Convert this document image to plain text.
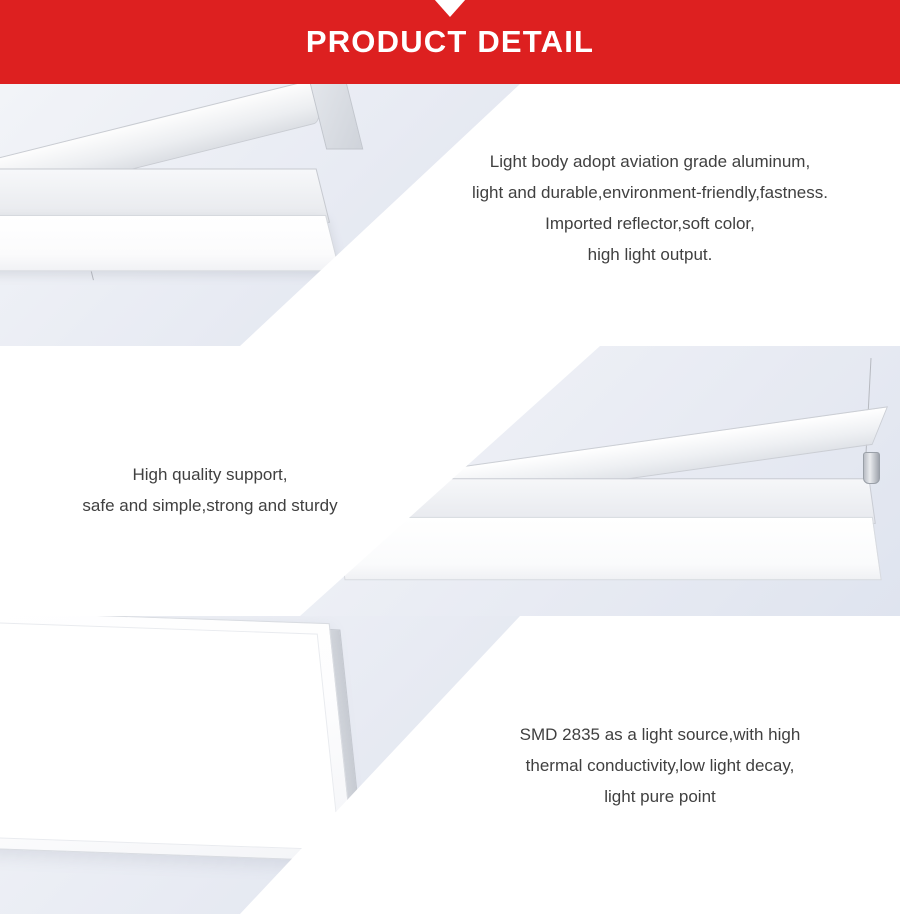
PRODUCT DETAIL
Light body adopt aviation grade aluminum,
light and durable,environment-friendly,fastness.
Imported reflector,soft color,
high light output.
High quality support,
safe and simple,strong and sturdy
SMD 2835 as a light source,with high
thermal conductivity,low light decay,
light pure point
